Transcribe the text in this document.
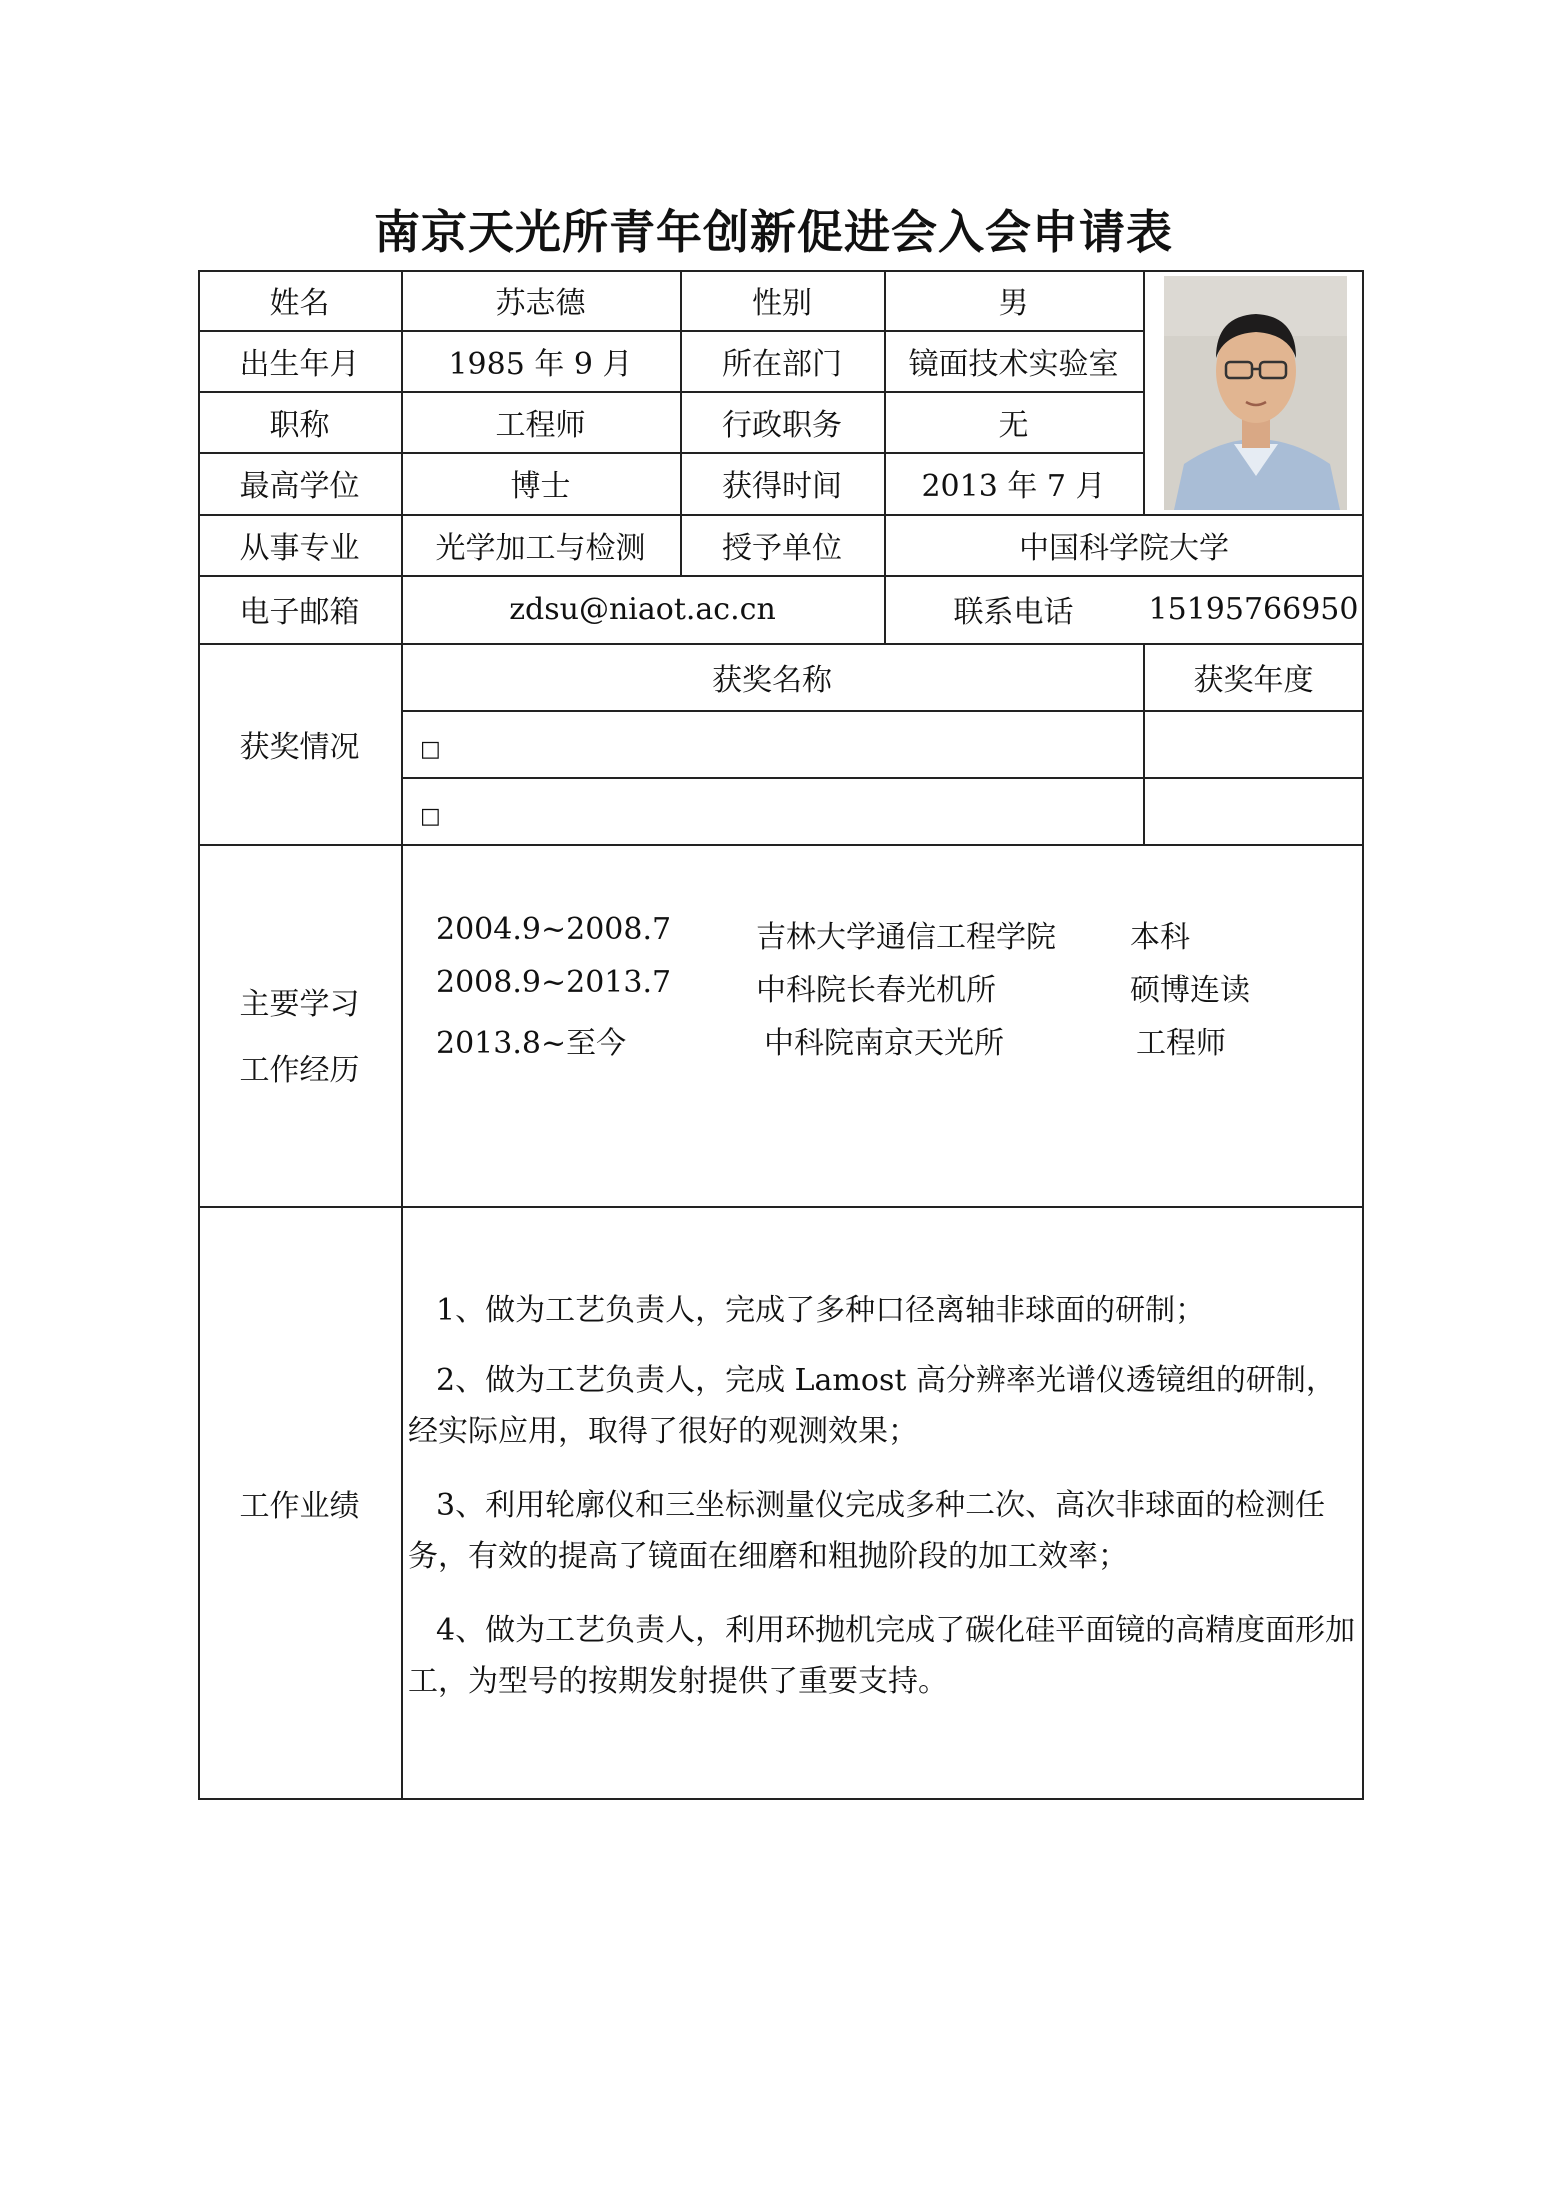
南京天光所青年创新促进会入会申请表
姓名	苏志德	性别	男
出生年月	1985 年 9 月	所在部门	镜面技术实验室
职称	工程师	行政职务	无
最高学位	博士	获得时间	2013 年 7 月
从事专业	光学加工与检测	授予单位	中国科学院大学
电子邮箱	zdsu@niaot.ac.cn	联系电话	15195766950
获奖情况
获奖名称	获奖年度
□
□
主要学习
工作经历
2004.9~2008.7	吉林大学通信工程学院 本科
2008.9~2013.7	中科院长春光机所	硕博连读
2013.8~至今	中科院南京天光所	工程师
工作业绩
1、做为工艺负责人，完成了多种口径离轴非球面的研制；
2、做为工艺负责人，完成 Lamost 高分辨率光谱仪透镜组的研制，经实际应用，取得了很好的观测效果；
3、利用轮廓仪和三坐标测量仪完成多种二次、高次非球面的检测任务，有效的提高了镜面在细磨和粗抛阶段的加工效率；
4、做为工艺负责人，利用环抛机完成了碳化硅平面镜的高精度面形加工，为型号的按期发射提供了重要支持。
